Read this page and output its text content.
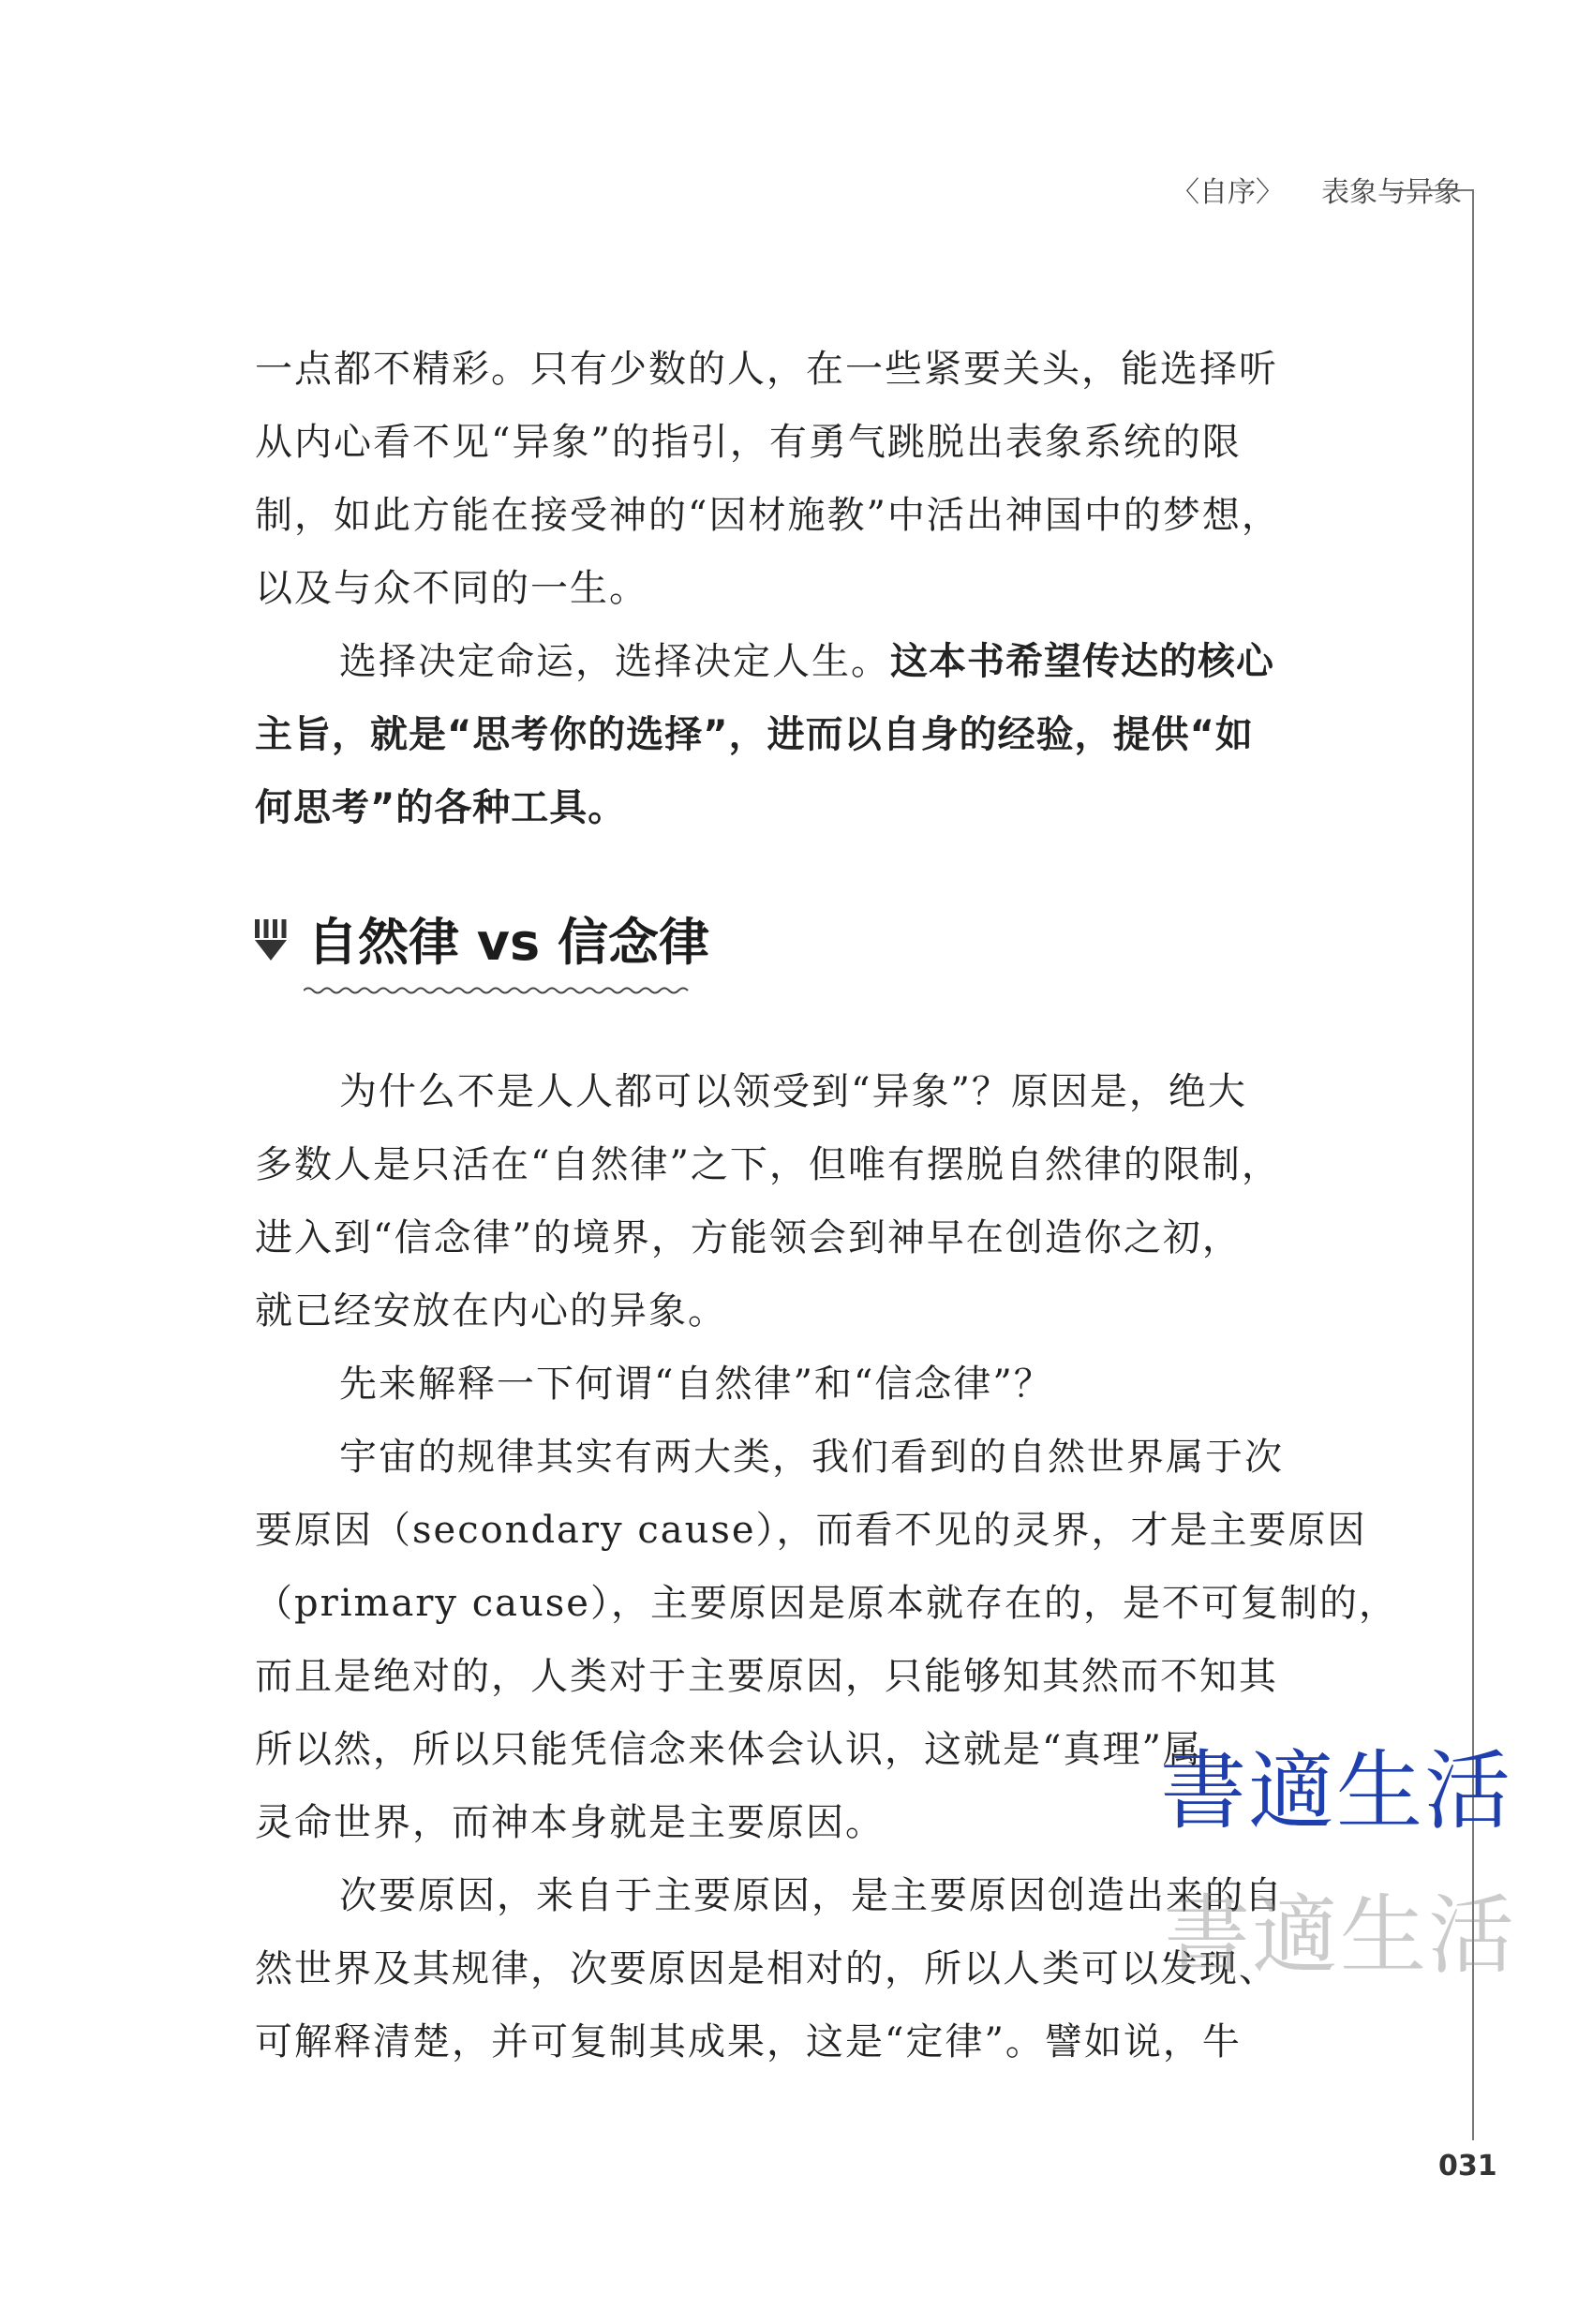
〈自序〉 表象与异象

一点都不精彩。只有少数的人，在一些紧要关头，能选择听
从内心看不见“异象”的指引，有勇气跳脱出表象系统的限
制，如此方能在接受神的“因材施教”中活出神国中的梦想，
以及与众不同的一生。

选择决定命运，选择决定人生。这本书希望传达的核心
主旨，就是“思考你的选择”，进而以自身的经验，提供“如
何思考”的各种工具。

自然律 vs 信念律

为什么不是人人都可以领受到“异象”？原因是，绝大
多数人是只活在“自然律”之下，但唯有摆脱自然律的限制，
进入到“信念律”的境界，方能领会到神早在创造你之初，
就已经安放在内心的异象。

先来解释一下何谓“自然律”和“信念律”？

宇宙的规律其实有两大类，我们看到的自然世界属于次
要原因（secondary cause），而看不见的灵界，才是主要原因
（primary cause），主要原因是原本就存在的，是不可复制的，
而且是绝对的，人类对于主要原因，只能够知其然而不知其
所以然，所以只能凭信念来体会认识，这就是“真理”属
灵命世界，而神本身就是主要原因。

次要原因，来自于主要原因，是主要原因创造出来的自
然世界及其规律，次要原因是相对的，所以人类可以发现、
可解释清楚，并可复制其成果，这是“定律”。譬如说，牛

書適生活
書適生活
031
